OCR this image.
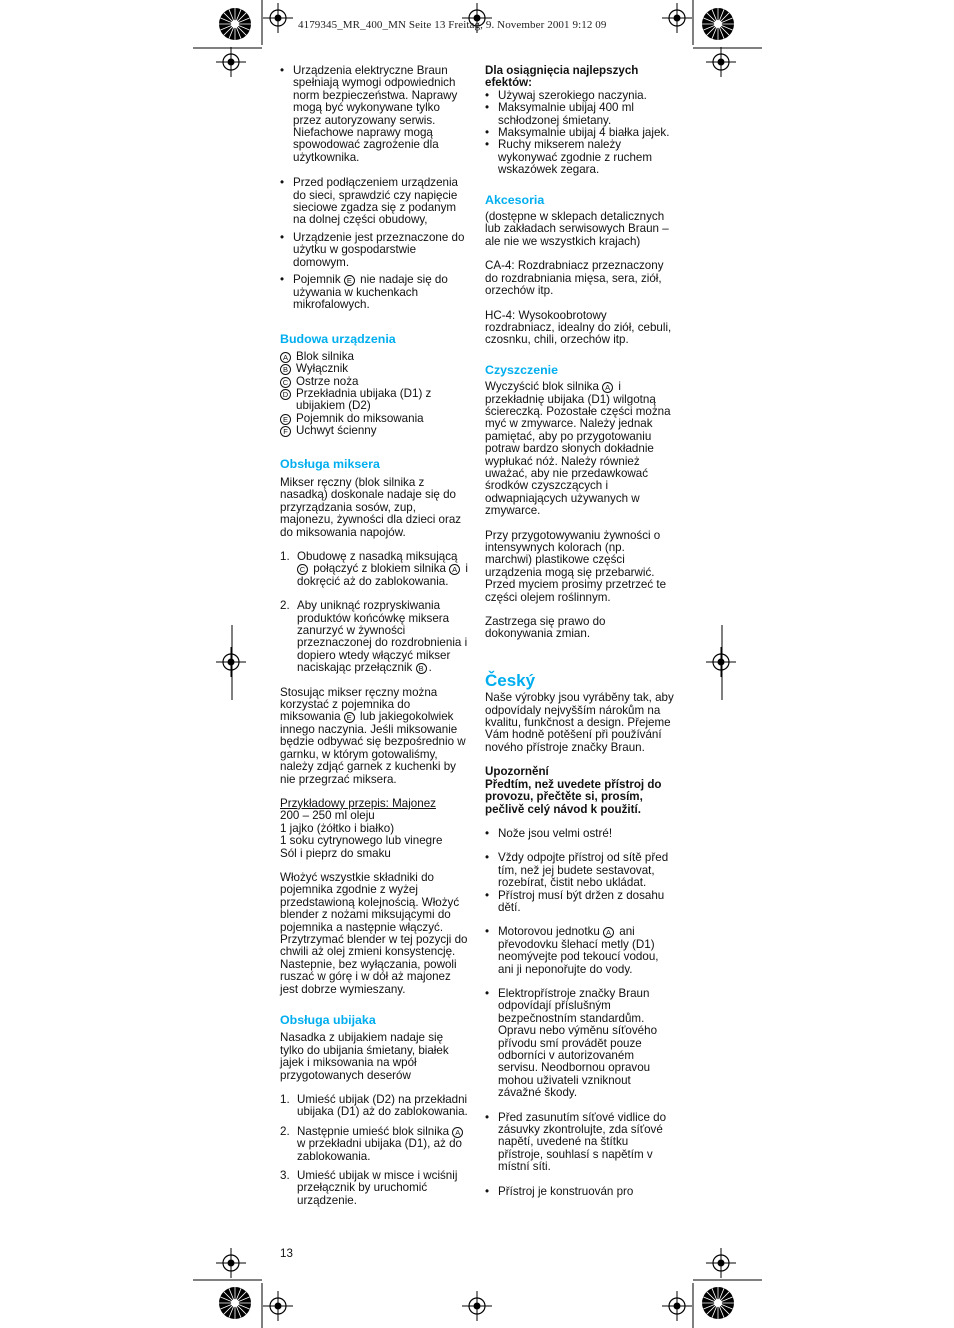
4179345_MR_400_MN Seite 13 Freitag, 9. November 2001 9:12 09
• Urządzenia elektryczne Braun spełniają wymogi odpowiednich norm bezpieczeństwa. Naprawy mogą być wykonywane tylko przez autoryzowany serwis. Niefachowe naprawy mogą spowodować zagrożenie dla użytkownika.
• Przed podłączeniem urządzenia do sieci, sprawdzić czy napięcie sieciowe zgadza się z podanym na dolnej części obudowy,
• Urządzenie jest przeznaczone do użytku w gospodarstwie domowym.
• Pojemnik E nie nadaje się do używania w kuchenkach mikrofalowych.
Budowa urządzenia
A Blok silnika
B Wyłącznik
C Ostrze noża
D Przekładnia ubijaka (D1) z ubijakiem (D2)
E Pojemnik do miksowania
F Uchwyt ścienny
Obsługa miksera

Mikser ręczny (blok silnika z nasadką) doskonale nadaje się do przyrządzania sosów, zup, majonezu, żywności dla dzieci oraz do miksowania napojów.

1. Obudowę z nasadką miksującą C połączyć z blokiem silnika A i dokręcić aż do zablokowania.
2. Aby uniknąć rozpryskiwania produktów końcówkę miksera zanurzyć w żywności przeznaczonej do rozdrobnienia i dopiero wtedy włączyć mikser naciskając przełącznik B .

Stosując mikser ręczny można korzystać z pojemnika do miksowania E lub jakiegokolwiek innego naczynia. Jeśli miksowanie będzie odbywać się bezpośrednio w garnku, w którym gotowaliśmy, należy zdjąć garnek z kuchenki by nie przegrzać miksera.

Przykładowy przepis: Majonez

200 – 250 ml oleju

1 jajko (żółtko i białko)

1 soku cytrynowego lub vinegre

Sól i pieprz do smaku

Włożyć wszystkie składniki do pojemnika zgodnie z wyżej przedstawioną kolejnością. Włożyć blender z nożami miksującymi do pojemnika a następnie włączyć. Przytrzymać blender w tej pozycji do chwili aż olej zmieni konsystencję. Nastepnie, bez wyłączania, powoli ruszać w górę i w dół aż majonez jest dobrze wymieszany.

Obsługa ubijaka

Nasadka z ubijakiem nadaje się tylko do ubijania śmietany, białek jajek i miksowania na wpół przygotowanych deserów

1. Umieść ubijak (D2) na przekładni ubijaka (D1) aż do zablokowania.
2. Następnie umieść blok silnika A w przekładni ubijaka (D1), aż do zablokowania.
3. Umieść ubijak w misce i wciśnij przełącznik by uruchomić urządzenie.

Dla osiągnięcia najlepszych efektów:

• Używaj szerokiego naczynia.
• Maksymalnie ubijaj 400 ml schłodzonej śmietany.
• Maksymalnie ubijaj 4 białka jajek.
• Ruchy mikserem należy wykonywać zgodnie z ruchem wskazówek zegara.
Akcesoria

(dostępne w sklepach detalicznych lub zakładach serwisowych Braun – ale nie we wszystkich krajach)

CA-4: Rozdrabniacz przeznaczony do rozdrabniania mięsa, sera, ziół, orzechów itp.

HC-4: Wysokoobrotowy rozdrabniacz, idealny do ziół, cebuli, czosnku, chili, orzechów itp.

Czyszczenie

Wyczyścić blok silnika A i przekładnię ubijaka (D1) wilgotną ściereczką. Pozostałe części można myć w zmywarce. Należy jednak pamiętać, aby po przygotowaniu potraw bardzo słonych dokładnie wypłukać nóż. Należy również uważać, aby nie przedawkować środków czyszczących i odwapniających używanych w zmywarce.

Przy przygotowywaniu żywności o intensywnych kolorach (np. marchwi) plastikowe części urządzenia mogą się przebarwić. Przed myciem prosimy przetrzeć te części olejem roślinnym.

Zastrzega się prawo do dokonywania zmian.

Český

Naše výrobky jsou vyráběny tak, aby odpovídaly nejvyšším nárokům na kvalitu, funkčnost a design. Přejeme Vám hodně potěšení při používání nového přístroje značky Braun.

Upozornění

Předtím, než uvedete přístroj do provozu, přečtěte si, prosím, pečlivě celý návod k použití.

• Nože jsou velmi ostré!
• Vždy odpojte přístroj od sítě před tím, než jej budete sestavovat, rozebírat, čistit nebo ukládat.
• Přístroj musí být držen z dosahu dětí.
• Motorovou jednotku A ani převodovku šlehací metly (D1) neomývejte pod tekoucí vodou, ani ji neponořujte do vody.
• Elektropřístroje značky Braun odpovídají příslušným bezpečnostním standardům. Opravu nebo výměnu síťového přívodu smí provádět pouze odborníci v autorizovaném servisu. Neodbornou opravou mohou uživateli vzniknout závažné škody.
• Před zasunutím síťové vidlice do zásuvky zkontrolujte, zda síťové napětí, uvedené na štítku přístroje, souhlasí s napětím v místní síti.
• Přístroj je konstruován pro
13
